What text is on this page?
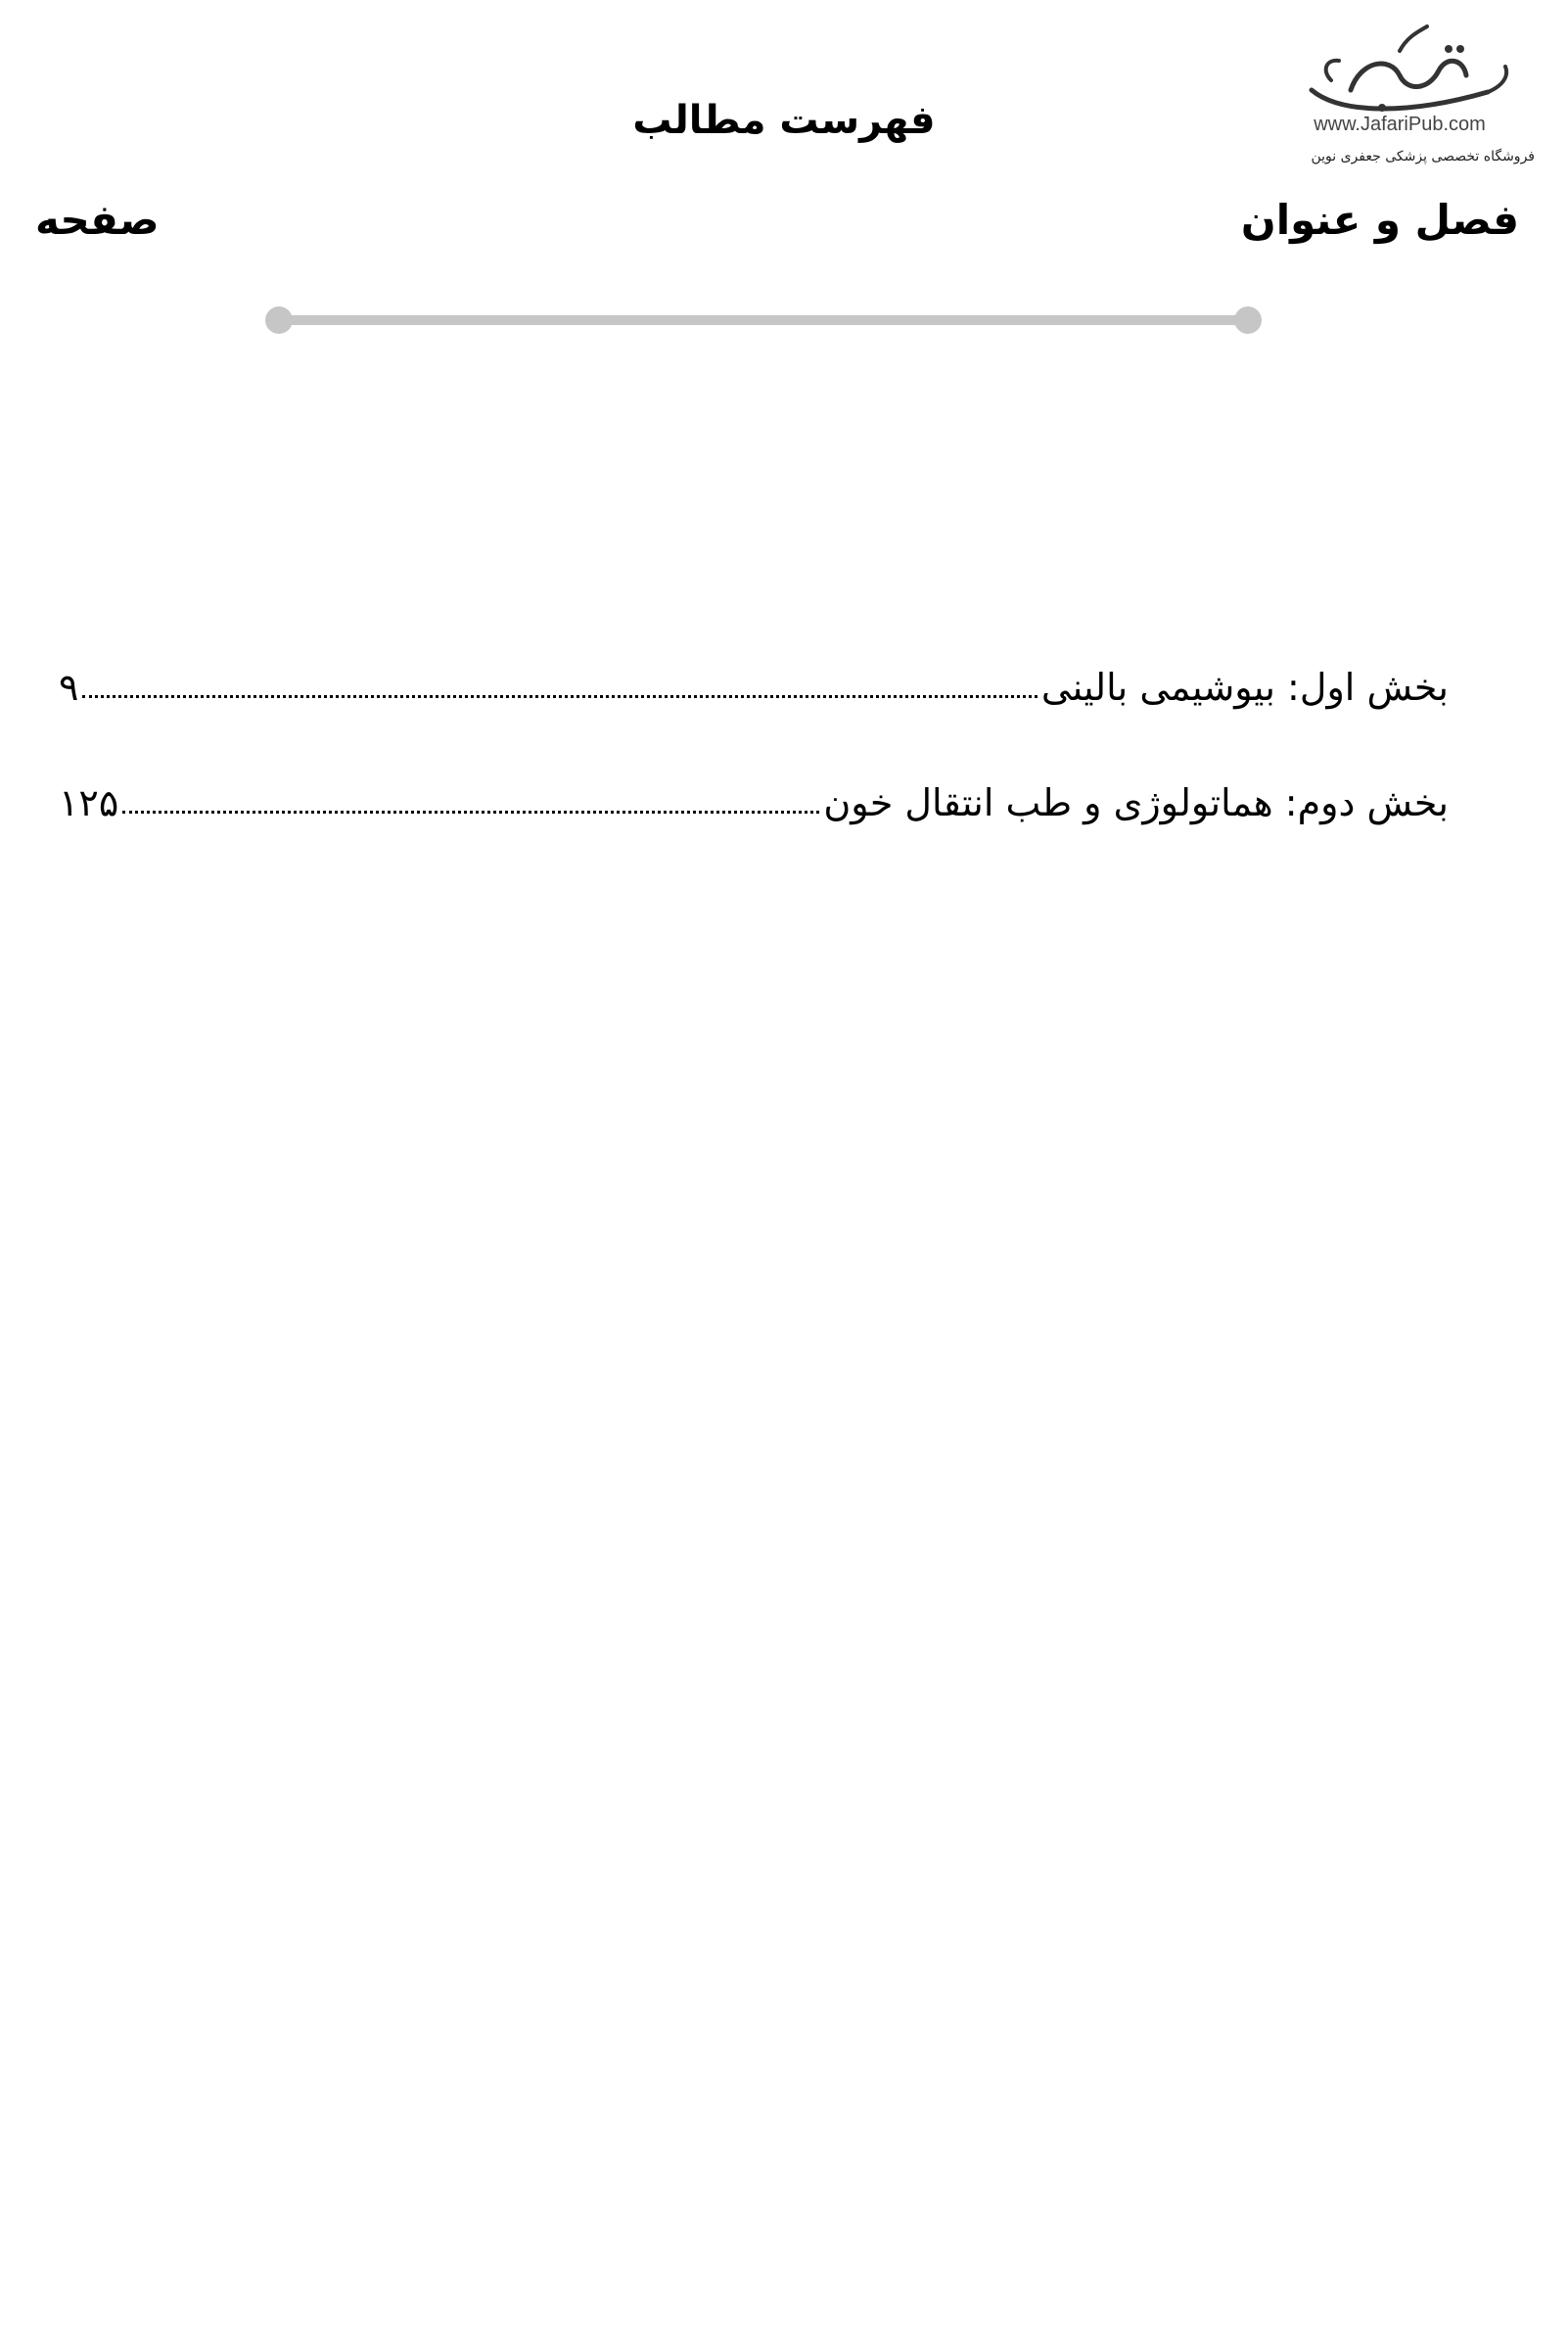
www.JafariPub.com
فروشگاه تخصصی پزشکی جعفری نوین
فهرست مطالب
فصل و عنوان
صفحه
بخش اول: بیوشیمی بالینی
۹
بخش دوم: هماتولوژی و طب انتقال خون
۱۲۵
